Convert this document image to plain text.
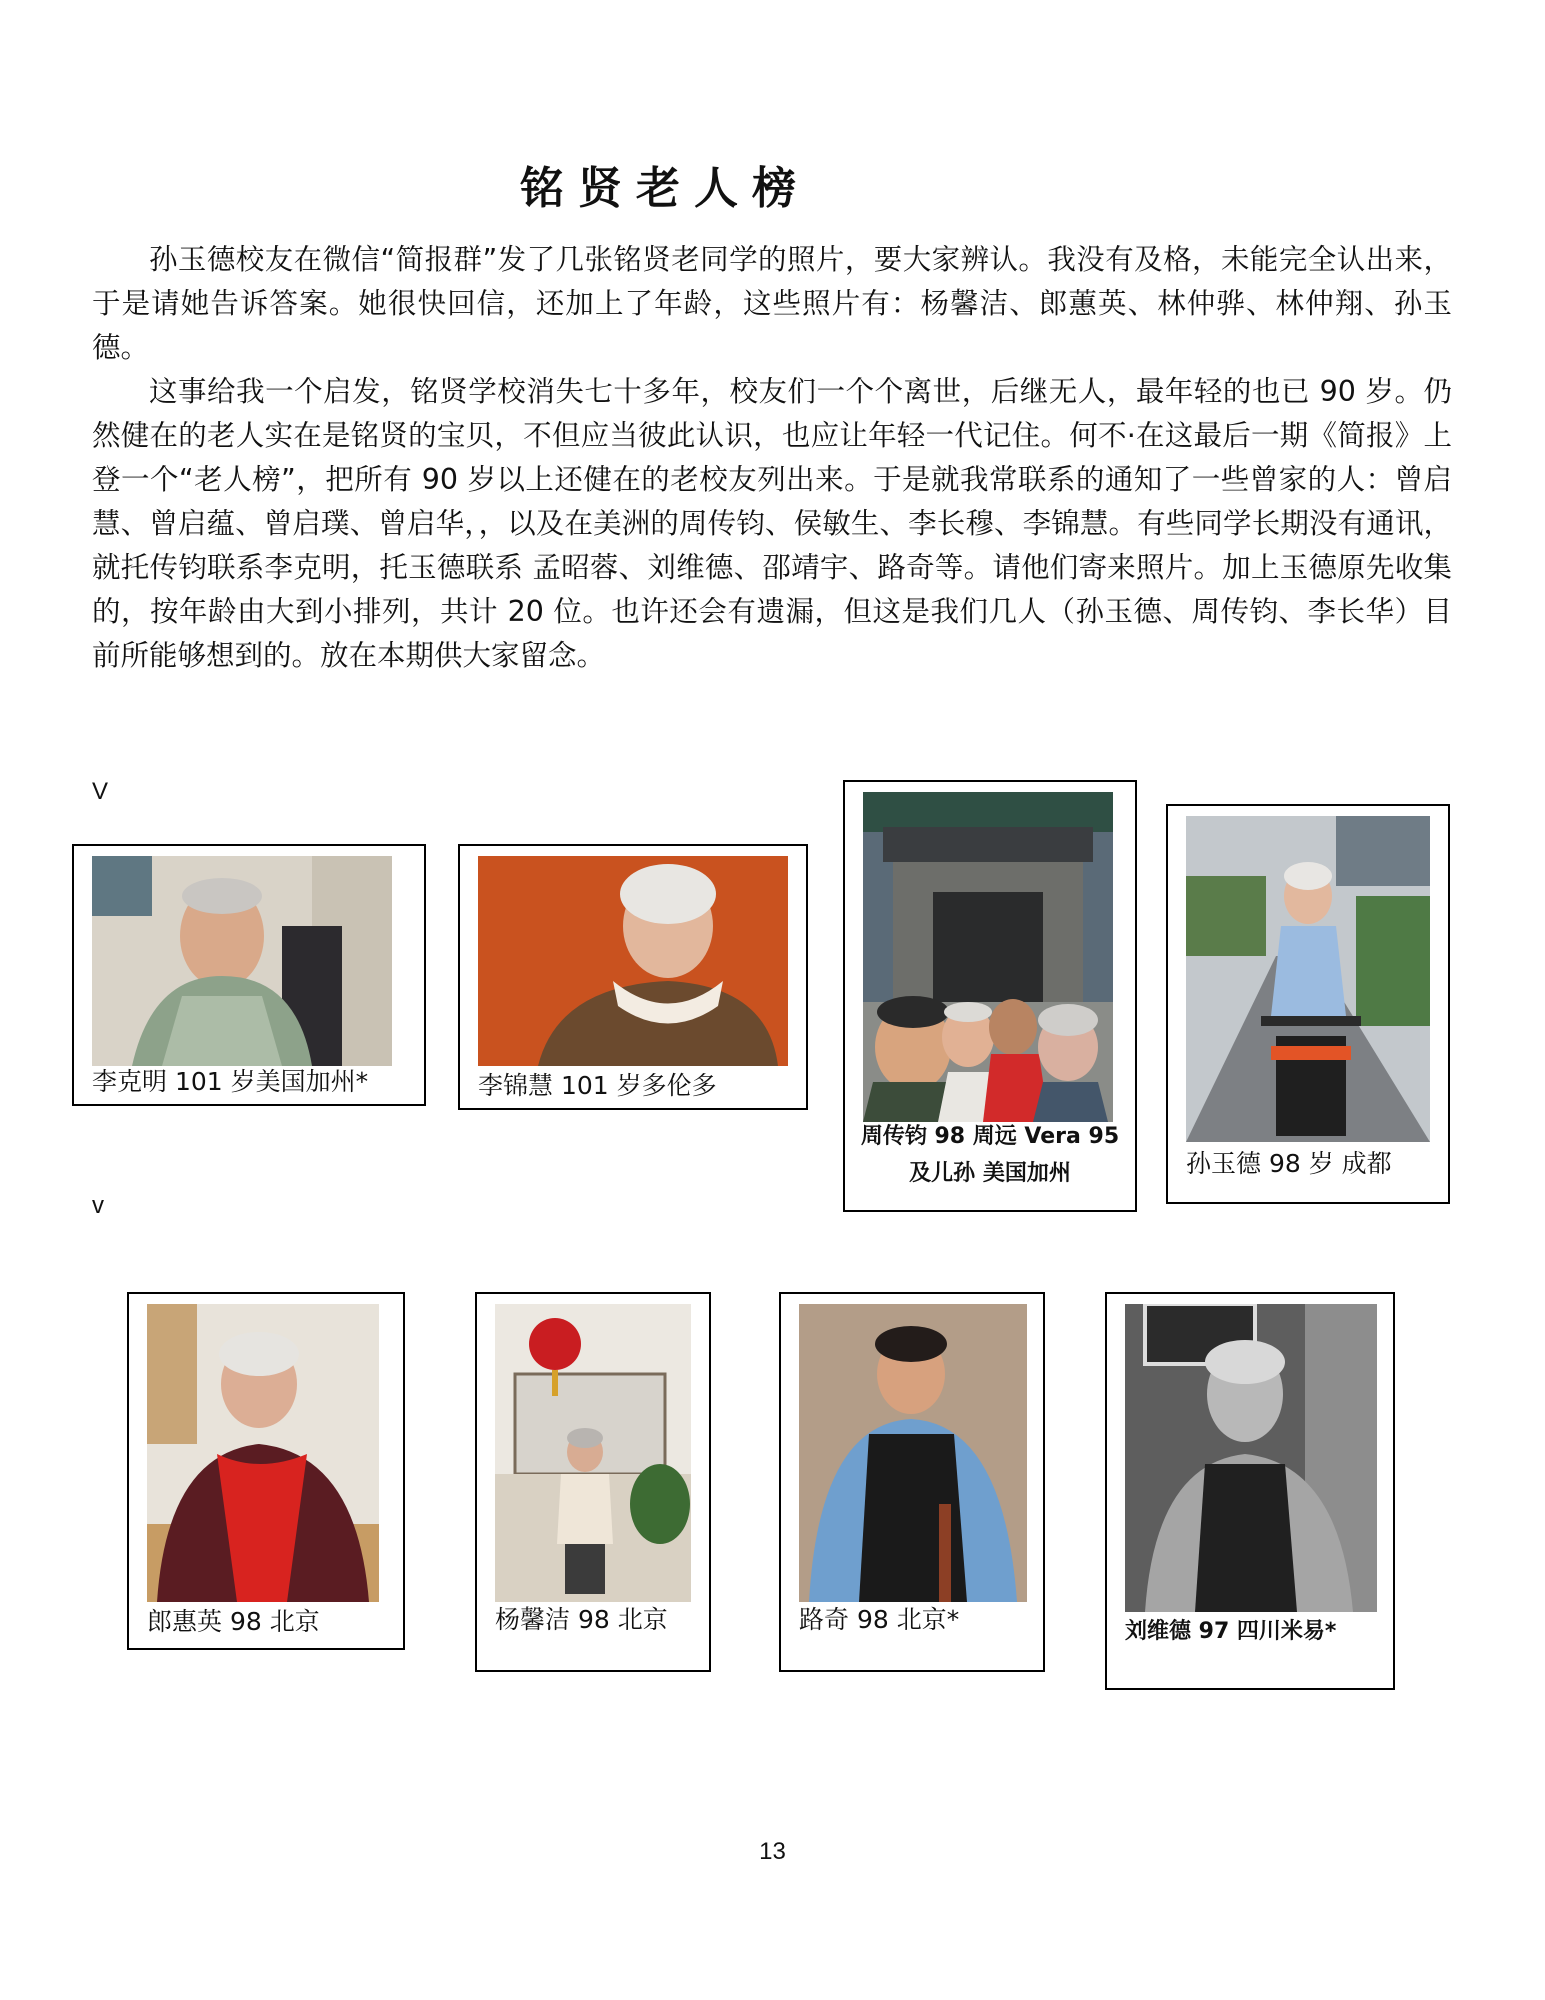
铭贤老人榜

孙玉德校友在微信“简报群”发了几张铭贤老同学的照片，要大家辨认。我没有及格，未能完全认出来，于是请她告诉答案。她很快回信，还加上了年龄，这些照片有：杨馨洁、郎蕙英、林仲骅、林仲翔、孙玉德。

这事给我一个启发，铭贤学校消失七十多年，校友们一个个离世，后继无人，最年轻的也已 90 岁。仍然健在的老人实在是铭贤的宝贝，不但应当彼此认识，也应让年轻一代记住。何不·在这最后一期《简报》上登一个“老人榜”，把所有 90 岁以上还健在的老校友列出来。于是就我常联系的通知了一些曾家的人：曾启慧、曾启蕴、曾启璞、曾启华，，以及在美洲的周传钧、侯敏生、李长穆、李锦慧。有些同学长期没有通讯，就托传钧联系李克明，托玉德联系 孟昭蓉、刘维德、邵靖宇、路奇等。请他们寄来照片。加上玉德原先收集的，按年龄由大到小排列，共计 20 位。也许还会有遗漏，但这是我们几人（孙玉德、周传钧、李长华）目前所能够想到的。放在本期供大家留念。

V
v
李克明 101 岁美国加州*	李锦慧 101 岁多伦多
周传钧 98 周远 Vera 95 及儿孙 美国加州	孙玉德 98 岁 成都
郎惠英 98 北京	杨馨洁 98 北京	路奇 98 北京*	刘维德 97 四川米易*
13
